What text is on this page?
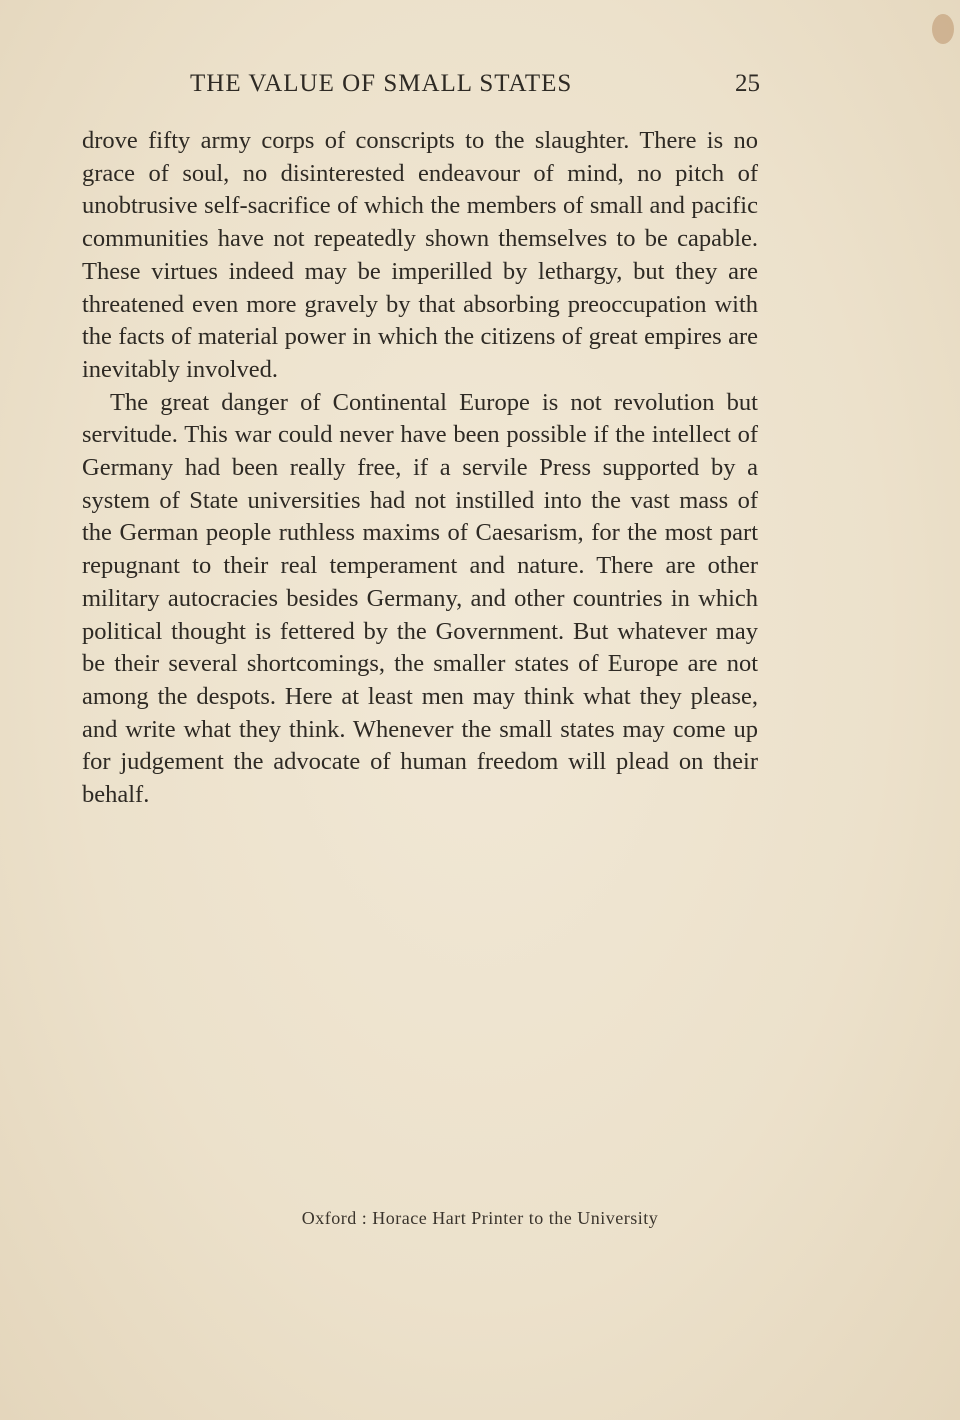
THE VALUE OF SMALL STATES	25

drove fifty army corps of conscripts to the slaughter. There is no grace of soul, no disinterested endeavour of mind, no pitch of unobtrusive self-sacrifice of which the members of small and pacific communities have not repeatedly shown themselves to be capable. These virtues indeed may be imperilled by lethargy, but they are threatened even more gravely by that absorbing preoccupation with the facts of material power in which the citizens of great empires are inevitably involved.

The great danger of Continental Europe is not revolution but servitude. This war could never have been possible if the intellect of Germany had been really free, if a servile Press supported by a system of State universities had not instilled into the vast mass of the German people ruthless maxims of Caesarism, for the most part repugnant to their real temperament and nature. There are other military autocracies besides Germany, and other countries in which political thought is fettered by the Government. But whatever may be their several shortcomings, the smaller states of Europe are not among the despots. Here at least men may think what they please, and write what they think. Whenever the small states may come up for judgement the advocate of human freedom will plead on their behalf.

Oxford : Horace Hart Printer to the University
